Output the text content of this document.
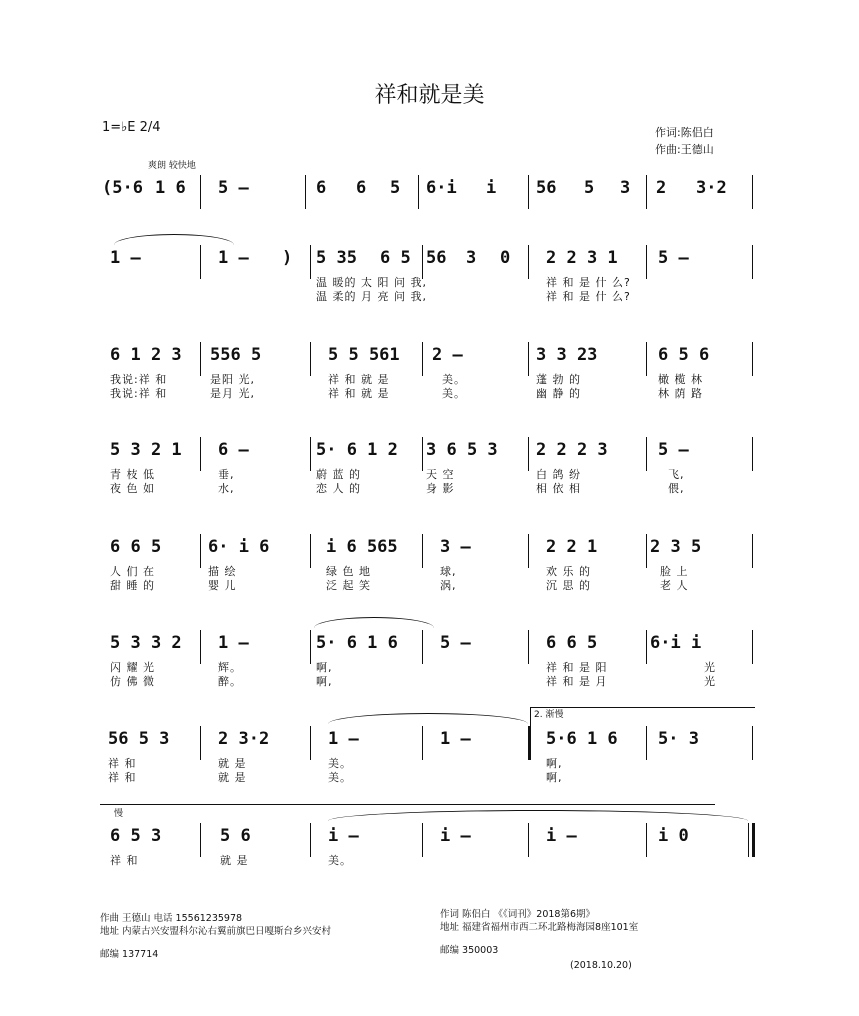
祥和就是美
1=♭E 2/4	作词:陈侣白
作曲:王德山
爽朗 较快地
(5·6 1 6 5 –	6 6 5 6·i i 56 5 3 2 3·2
1 –	1 – ) 5 35 6 5 56 3 0 2 2 3 1 5 –
温 暖的 太 阳 问 我,	祥 和 是 什 么?
温 柔的 月 亮 问 我,	祥 和 是 什 么?
6 1 2 3 556 5	5 5 561 2 –	3 3 23	6 5 6
我说:祥 和	是阳 光,	祥 和 就 是	美。	蓬 勃 的	橄 榄 林
我说:祥 和	是月 光,	祥 和 就 是	美。	幽 静 的	林 荫 路
5 3 2 1 6 –	5· 6 1 2 3 6 5 3 2 2 2 3	5 –
青 枝 低	垂,	蔚 蓝 的	天 空	白 鸽 纷	飞,
夜 色 如	水,	恋 人 的	身 影	相 依 相	偎,
6 6 5	6· i 6	i 6 565 3 –	2 2 1	2 3 5
人 们 在	描 绘	绿 色 地	球,	欢 乐 的	脸 上
甜 睡 的	婴 儿	泛 起 笑	涡,	沉 思 的	老 人
5 3 3 2 1 –	5· 6 1 6 5 –	6 6 5	6·i i
闪 耀 光	辉。	啊,	祥 和 是 阳	光
仿 佛 微	醉。	啊,	祥 和 是 月	光
2. 渐慢
56 5 3	2 3·2	1 –	1 –	5·6 1 6 5· 3
祥 和	就 是	美。	啊,
祥 和	就 是	美。	啊,
慢
6 5 3	5 6	i –	i –	i –	i 0
祥 和	就 是	美。
作曲 王德山 电话 15561235978
地址 内蒙古兴安盟科尔沁右翼前旗巴日嘎斯台乡兴安村
邮编 137714
作词 陈侣白 《《词刊》2018第6期》
地址 福建省福州市西二环北路梅海园8座101室
邮编 350003
(2018.10.20)
